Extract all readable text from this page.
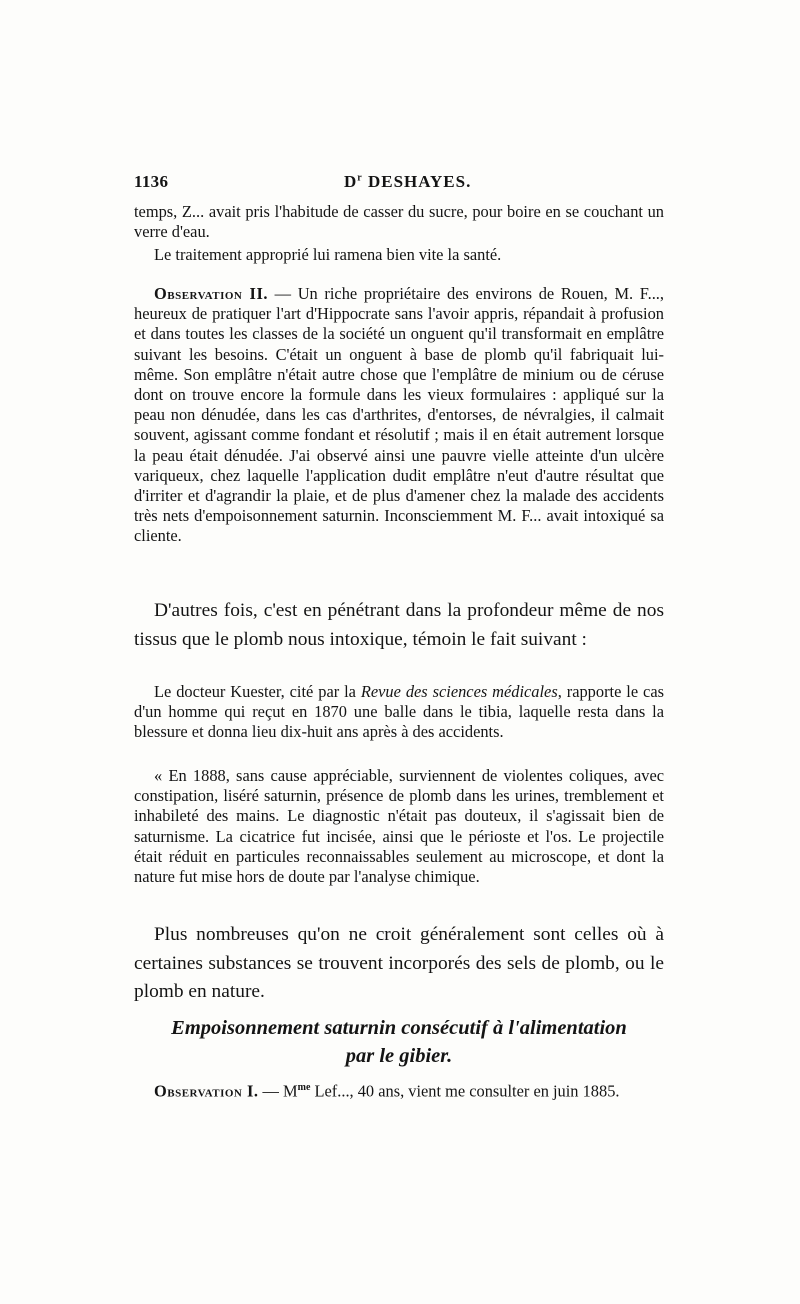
1136	$D^r$ DESHAYES.

temps, Z... avait pris l'habitude de casser du sucre, pour boire en se couchant un verre d'eau.

Le traitement approprié lui ramena bien vite la santé.

Observation II. — Un riche propriétaire des environs de Rouen, M. F..., heureux de pratiquer l'art d'Hippocrate sans l'avoir appris, répandait à profusion et dans toutes les classes de la société un onguent qu'il transformait en emplâtre suivant les besoins. C'était un onguent à base de plomb qu'il fabriquait lui-même. Son emplâtre n'était autre chose que l'emplâtre de minium ou de céruse dont on trouve encore la formule dans les vieux formulaires : appliqué sur la peau non dénudée, dans les cas d'arthrites, d'entorses, de névralgies, il calmait souvent, agissant comme fondant et résolutif ; mais il en était autrement lorsque la peau était dénudée. J'ai observé ainsi une pauvre vielle atteinte d'un ulcère variqueux, chez laquelle l'application dudit emplâtre n'eut d'autre résultat que d'irriter et d'agrandir la plaie, et de plus d'amener chez la malade des accidents très nets d'empoisonnement saturnin. Inconsciemment M. F... avait intoxiqué sa cliente.

D'autres fois, c'est en pénétrant dans la profondeur même de nos tissus que le plomb nous intoxique, témoin le fait suivant :

Le docteur Kuester, cité par la Revue des sciences médicales, rapporte le cas d'un homme qui reçut en 1870 une balle dans le tibia, laquelle resta dans la blessure et donna lieu dix-huit ans après à des accidents.

« En 1888, sans cause appréciable, surviennent de violentes coliques, avec constipation, liséré saturnin, présence de plomb dans les urines, tremblement et inhabileté des mains. Le diagnostic n'était pas douteux, il s'agissait bien de saturnisme. La cicatrice fut incisée, ainsi que le périoste et l'os. Le projectile était réduit en particules reconnaissables seulement au microscope, et dont la nature fut mise hors de doute par l'analyse chimique.

Plus nombreuses qu'on ne croit généralement sont celles où à certaines substances se trouvent incorporés des sels de plomb, ou le plomb en nature.

Empoisonnement saturnin consécutif à l'alimentation
par le gibier.

Observation I. — $M^{me}$ Lef..., 40 ans, vient me consulter en juin 1885.
